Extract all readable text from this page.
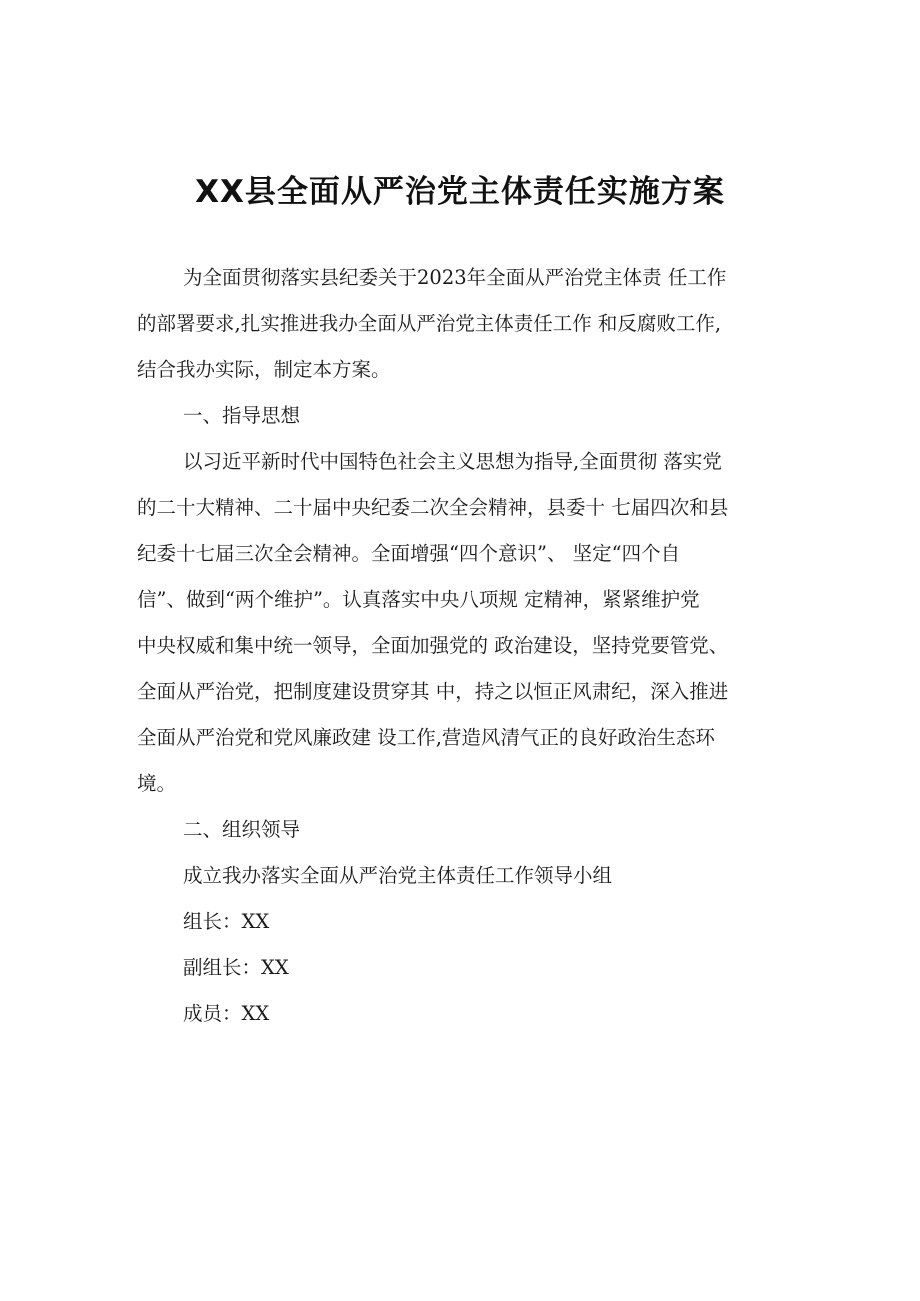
XX县全面从严治党主体责任实施方案
为全面贯彻落实县纪委关于2023年全面从严治党主体责 任工作
的部署要求,扎实推进我办全面从严治党主体责任工作 和反腐败工作,
结合我办实际，制定本方案。
一、指导思想
以习近平新时代中国特色社会主义思想为指导,全面贯彻 落实党
的二十大精神、二十届中央纪委二次全会精神，县委十 七届四次和县
纪委十七届三次全会精神。全面增强“四个意识”、 坚定“四个自
信”、做到“两个维护”。认真落实中央八项规 定精神，紧紧维护党
中央权威和集中统一领导，全面加强党的 政治建设，坚持党要管党、
全面从严治党，把制度建设贯穿其 中，持之以恒正风肃纪，深入推进
全面从严治党和党风廉政建 设工作,营造风清气正的良好政治生态环
境。
二、组织领导
成立我办落实全面从严治党主体责任工作领导小组
组长：XX
副组长：XX
成员：XX
